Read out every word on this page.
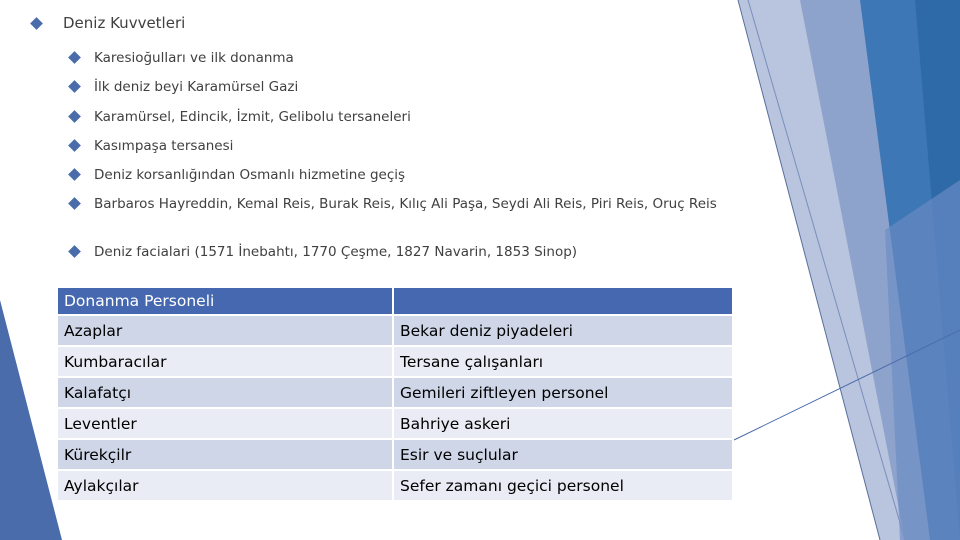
Deniz Kuvvetleri
Karesioğulları ve ilk donanma
İlk deniz beyi Karamürsel Gazi
Karamürsel, Edincik, İzmit, Gelibolu tersaneleri
Kasımpaşa tersanesi
Deniz korsanlığından Osmanlı hizmetine geçiş
Barbaros Hayreddin, Kemal Reis, Burak Reis, Kılıç Ali Paşa, Seydi Ali Reis, Piri Reis, Oruç Reis
Deniz facialari (1571 İnebahtı, 1770 Çeşme, 1827 Navarin, 1853 Sinop)
Donanma Personeli	
Azaplar	Bekar deniz piyadeleri
Kumbaracılar	Tersane çalışanları
Kalafatçı	Gemileri ziftleyen personel
Leventler	Bahriye askeri
Kürekçilr	Esir ve suçlular
Aylakçılar	Sefer zamanı geçici personel
